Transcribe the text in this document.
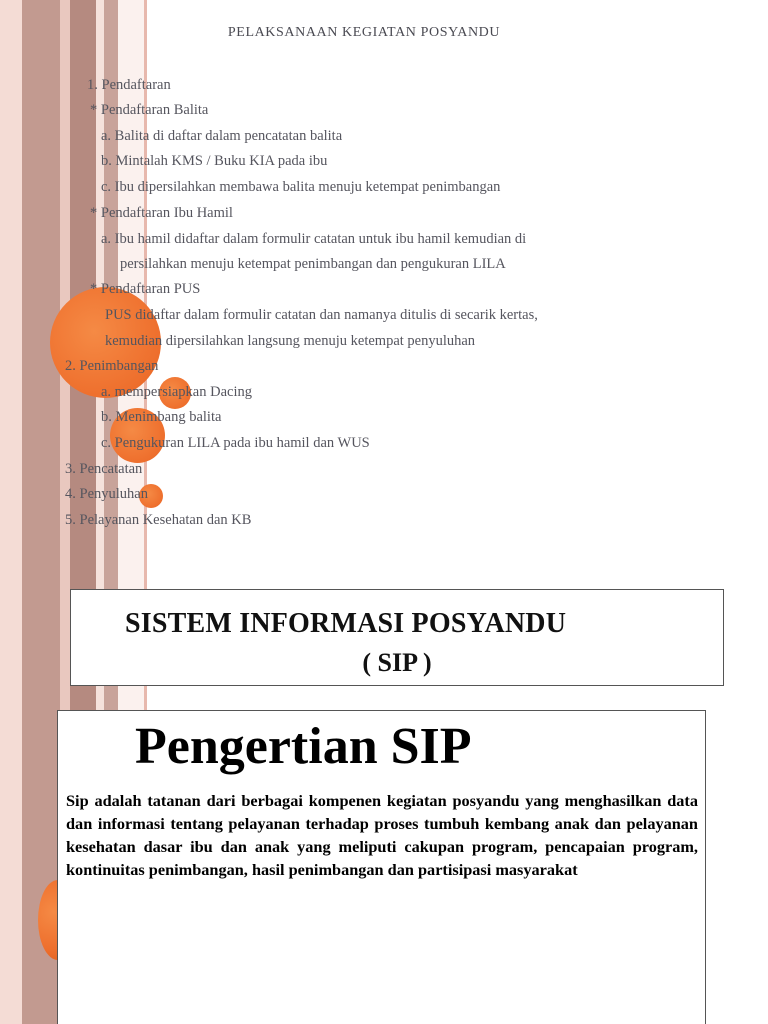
PELAKSANAAN KEGIATAN POSYANDU
1. Pendaftaran
* Pendaftaran Balita
a. Balita di daftar dalam pencatatan balita
b. Mintalah KMS / Buku KIA pada ibu
c. Ibu dipersilahkan membawa balita menuju ketempat penimbangan
* Pendaftaran Ibu Hamil
a. Ibu hamil didaftar dalam formulir catatan untuk ibu hamil kemudian di
persilahkan menuju ketempat penimbangan dan pengukuran LILA
* Pendaftaran PUS
PUS didaftar dalam formulir catatan dan namanya ditulis di secarik kertas,
kemudian dipersilahkan langsung menuju ketempat penyuluhan
2. Penimbangan
a. mempersiapkan Dacing
b. Menimbang balita
c. Pengukuran LILA pada ibu hamil dan WUS
3. Pencatatan
4. Penyuluhan
5. Pelayanan Kesehatan dan KB
SISTEM INFORMASI POSYANDU
( SIP )
Pengertian SIP
Sip adalah tatanan dari berbagai kompenen kegiatan posyandu yang menghasilkan data dan informasi tentang pelayanan terhadap proses tumbuh kembang anak dan pelayanan kesehatan dasar ibu dan anak yang meliputi cakupan program, pencapaian program, kontinuitas penimbangan, hasil penimbangan dan partisipasi masyarakat
